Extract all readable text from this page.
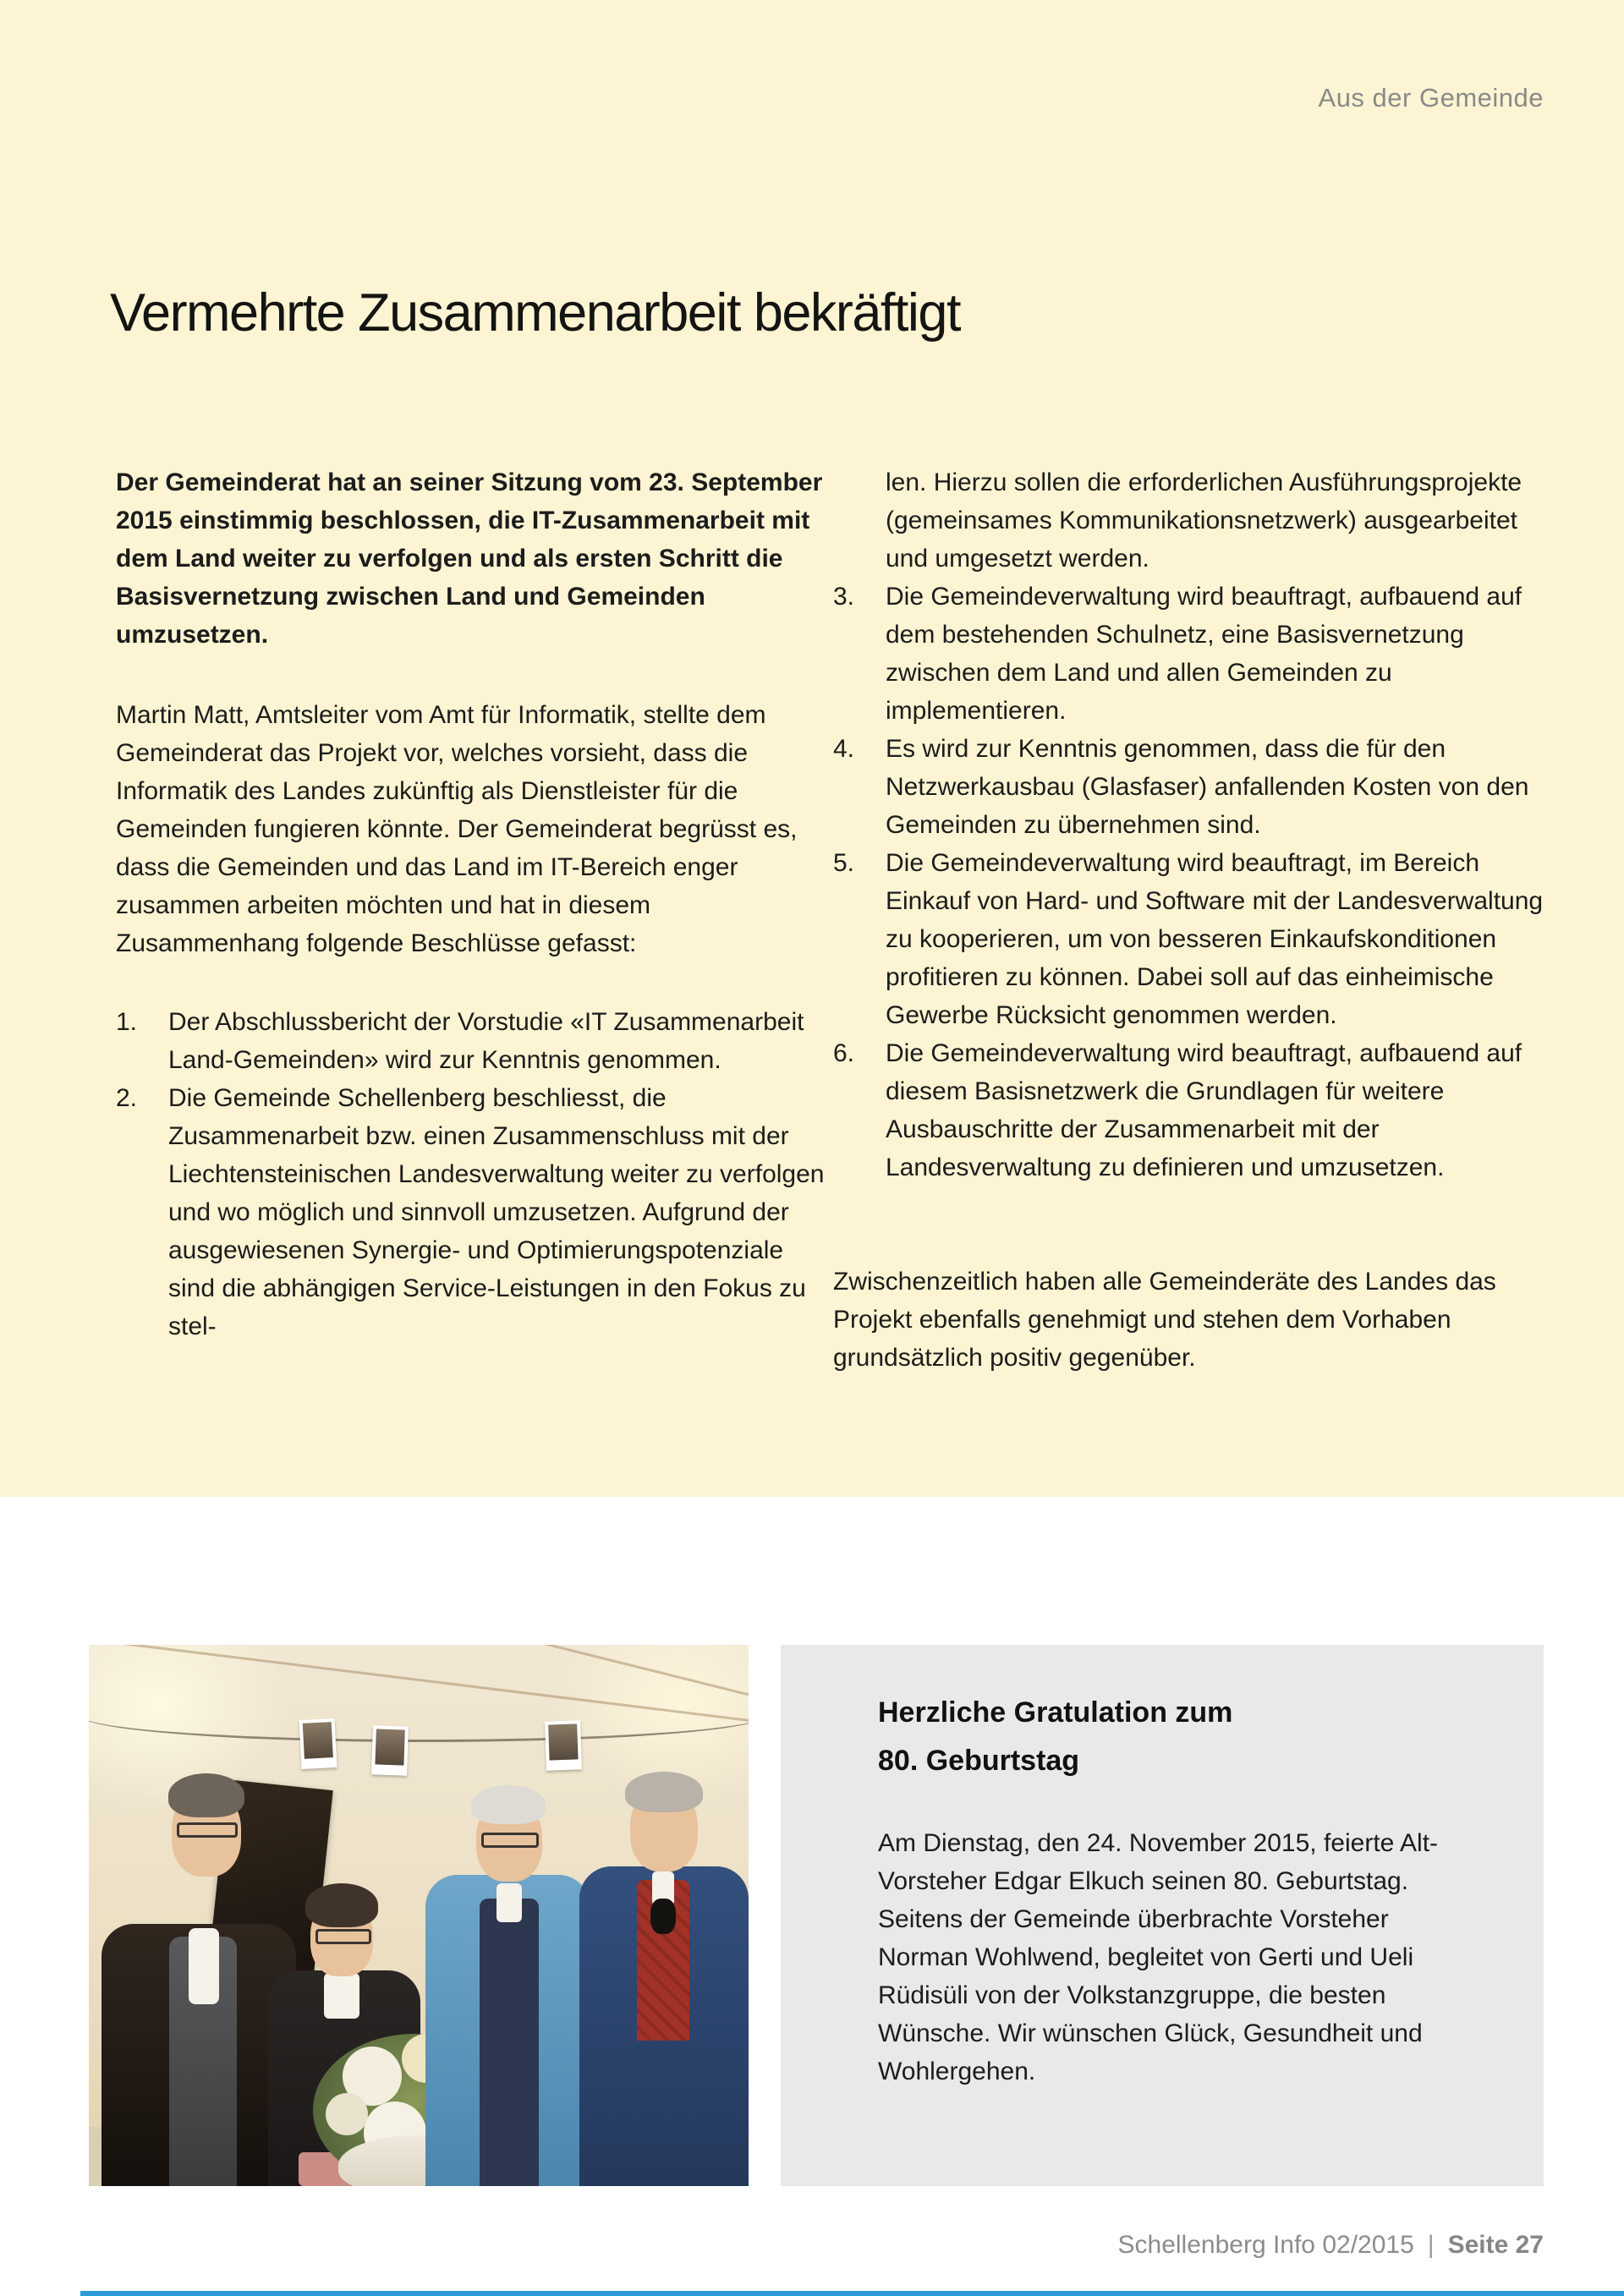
Aus der Gemeinde
Vermehrte Zusammenarbeit bekräftigt

Der Gemeinderat hat an seiner Sitzung vom 23. September 2015 einstimmig beschlossen, die IT-Zusammenarbeit mit dem Land weiter zu verfolgen und als ersten Schritt die Basisvernetzung zwischen Land und Gemeinden umzusetzen.

Martin Matt, Amtsleiter vom Amt für Informatik, stellte dem Gemeinderat das Projekt vor, welches vorsieht, dass die Informatik des Landes zukünftig als Dienstleister für die Gemeinden fungieren könnte. Der Gemeinderat begrüsst es, dass die Gemeinden und das Land im IT-Bereich enger zusammen arbeiten möchten und hat in diesem Zusammenhang folgende Beschlüsse gefasst:

1.	Der Abschlussbericht der Vorstudie «IT Zusammenarbeit Land-Gemeinden» wird zur Kenntnis genommen.
2.	Die Gemeinde Schellenberg beschliesst, die Zusammenarbeit bzw. einen Zusammenschluss mit der Liechtensteinischen Landesverwaltung weiter zu verfolgen und wo möglich und sinnvoll umzusetzen. Aufgrund der ausgewiesenen Synergie- und Optimierungspotenziale sind die abhängigen Service-Leistungen in den Fokus zu stel-

len. Hierzu sollen die erforderlichen Ausführungsprojekte (gemeinsames Kommunikationsnetzwerk) ausgearbeitet und umgesetzt werden.

3.	Die Gemeindeverwaltung wird beauftragt, aufbauend auf dem bestehenden Schulnetz, eine Basisvernetzung zwischen dem Land und allen Gemeinden zu implementieren.
4.	Es wird zur Kenntnis genommen, dass die für den Netzwerkausbau (Glasfaser) anfallenden Kosten von den Gemeinden zu übernehmen sind.
5.	Die Gemeindeverwaltung wird beauftragt, im Bereich Einkauf von Hard- und Software mit der Landesverwaltung zu kooperieren, um von besseren Einkaufskonditionen profitieren zu können. Dabei soll auf das einheimische Gewerbe Rücksicht genommen werden.
6.	Die Gemeindeverwaltung wird beauftragt, aufbauend auf diesem Basisnetzwerk die Grundlagen für weitere Ausbauschritte der Zusammenarbeit mit der Landesverwaltung zu definieren und umzusetzen.

Zwischenzeitlich haben alle Gemeinderäte des Landes das Projekt ebenfalls genehmigt und stehen dem Vorhaben grundsätzlich positiv gegenüber.

Herzliche Gratulation zum
80. Geburtstag
Am Dienstag, den 24. November 2015, feierte Alt-Vorsteher Edgar Elkuch seinen 80. Geburtstag. Seitens der Gemeinde überbrachte Vorsteher Norman Wohlwend, begleitet von Gerti und Ueli Rüdisüli von der Volkstanzgruppe, die besten Wünsche. Wir wünschen Glück, Gesundheit und Wohlergehen.
Schellenberg Info 02/2015 | Seite 27
